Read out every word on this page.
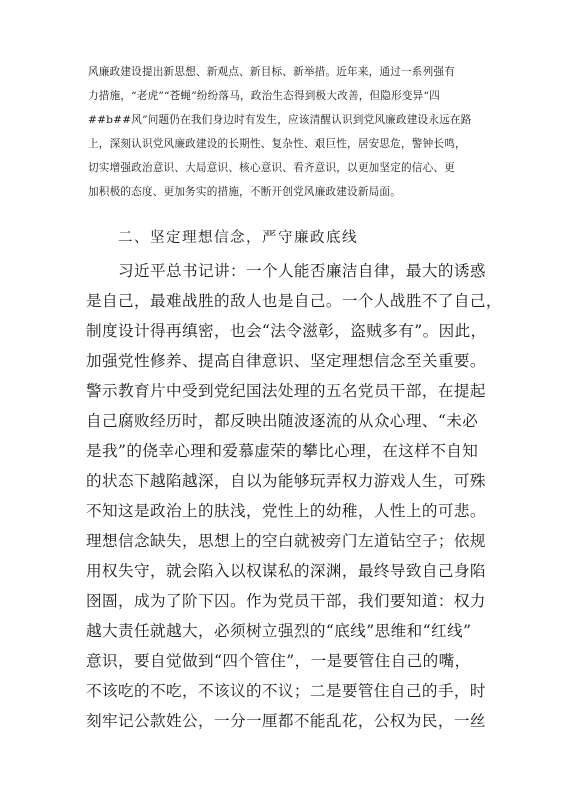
风廉政建设提出新思想、新观点、新目标、新举措。近年来，通过一系列强有
力措施，“老虎”“苍蝇”纷纷落马，政治生态得到极大改善，但隐形变异“四
##b##风”问题仍在我们身边时有发生，应该清醒认识到党风廉政建设永远在路
上，深刻认识党风廉政建设的长期性、复杂性、艰巨性，居安思危，警钟长鸣，
切实增强政治意识、大局意识、核心意识、看齐意识，以更加坚定的信心、更
加积极的态度、更加务实的措施，不断开创党风廉政建设新局面。
二、坚定理想信念，严守廉政底线
习近平总书记讲：一个人能否廉洁自律，最大的诱惑
是自己，最难战胜的敌人也是自己。一个人战胜不了自己，
制度设计得再缜密，也会“法令滋彰，盗贼多有”。因此，
加强党性修养、提高自律意识、坚定理想信念至关重要。
警示教育片中受到党纪国法处理的五名党员干部，在提起
自己腐败经历时，都反映出随波逐流的从众心理、“未必
是我”的侥幸心理和爱慕虚荣的攀比心理，在这样不自知
的状态下越陷越深，自以为能够玩弄权力游戏人生，可殊
不知这是政治上的肤浅，党性上的幼稚，人性上的可悲。
理想信念缺失，思想上的空白就被旁门左道钻空子；依规
用权失守，就会陷入以权谋私的深渊，最终导致自己身陷
囹圄，成为了阶下囚。作为党员干部，我们要知道：权力
越大责任就越大，必须树立强烈的“底线”思维和“红线”
意识，要自觉做到“四个管住”，一是要管住自己的嘴，
不该吃的不吃，不该议的不议；二是要管住自己的手，时
刻牢记公款姓公，一分一厘都不能乱花，公权为民，一丝
